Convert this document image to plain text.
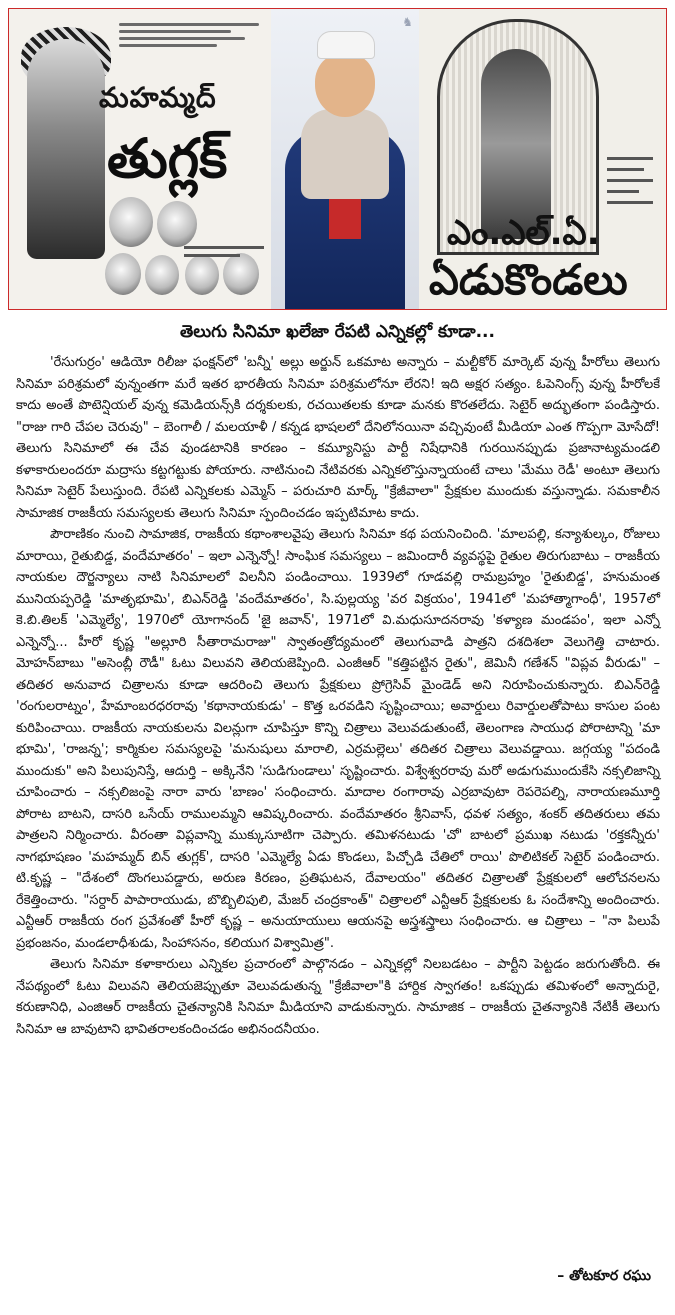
మహమ్మద్
తుగ్లక్
♞
ఎం.ఎల్.ఏ.
ఏడుకొండలు
తెలుగు సినిమా ఖలేజా రేపటి ఎన్నికల్లో కూడా...

'రేసుగుర్రం' ఆడియో రిలీజు ఫంక్షన్‌లో 'బన్నీ' అల్లు అర్జున్ ఒకమాట అన్నారు – మల్టీకోర్ మార్కెట్ వున్న హీరోలు తెలుగు సినిమా పరిశ్రమలో వున్నంతగా మరే ఇతర భారతీయ సినిమా పరిశ్రమలోనూ లేరని! ఇది అక్షర సత్యం. ఓపెనింగ్స్ వున్న హీరోలకే కాదు అంతే పొటెన్షియల్ వున్న కమెడియన్స్‌కి దర్శకులకు, రచయితలకు కూడా మనకు కొరతలేదు. సెటైర్ అద్భుతంగా పండిస్తారు. "రాజు గారి చేపల చెరువు" – బెంగాలీ / మలయాళీ / కన్నడ భాషలలో దేనిలోనయినా వచ్చివుంటే మీడియా ఎంత గొప్పగా మోసేదో! తెలుగు సినిమాలో ఈ చేవ వుండటానికి కారణం – కమ్యూనిస్టు పార్టీ నిషేధానికి గురయినప్పుడు ప్రజానాట్యమండలి కళాకారులందరూ మద్రాసు కట్టగట్టుకు పోయారు. నాటినుంచి నేటివరకు ఎన్నికలొస్తున్నాయంటే చాలు 'మేము రెడీ' అంటూ తెలుగు సినిమా సెటైర్ పేలుస్తుంది. రేపటి ఎన్నికలకు ఎమ్మెస్ – పరుచూరి మార్క్ "క్రేజీవాలా" ప్రేక్షకుల ముందుకు వస్తున్నాడు. సమకాలీన సామాజిక రాజకీయ సమస్యలకు తెలుగు సినిమా స్పందించడం ఇప్పటిమాట కాదు.

పౌరాణికం నుంచి సామాజిక, రాజకీయ కథాంశాలవైపు తెలుగు సినిమా కథ పయనించింది. 'మాలపల్లి, కన్యాశుల్కం, రోజులు మారాయి, రైతుబిడ్డ, వందేమాతరం' – ఇలా ఎన్నెన్నో! సాంఘిక సమస్యలు – జమిందారీ వ్యవస్థపై రైతుల తిరుగుబాటు – రాజకీయ నాయకుల దౌర్జన్యాలు నాటి సినిమాలలో విలనీని పండించాయి. 1939లో గూడవల్లి రామబ్రహ్మం 'రైతుబిడ్డ', హనుమంత మునియప్పరెడ్డి 'మాతృభూమి', బిఎన్‌రెడ్డి 'వందేమాతరం', సి.పుల్లయ్య 'వర విక్రయం', 1941లో 'మహాత్మాగాంధీ', 1957లో కె.బి.తిలక్ 'ఎమ్మెల్యే', 1970లో యోగానంద్ 'జై జవాన్', 1971లో వి.మధుసూదనరావు 'కళ్యాణ మండపం', ఇలా ఎన్నో ఎన్నెన్నో... హీరో కృష్ణ "అల్లూరి సీతారామరాజు" స్వాతంత్రోద్యమంలో తెలుగువాడి పాత్రని దశదిశలా వెలుగెత్తి చాటారు. మోహన్‌బాబు "అసెంబ్లీ రౌడీ" ఓటు విలువని తెలియజెప్పింది. ఎంజీఆర్ "కత్తిపట్టిన రైతు", జెమినీ గణేశన్ "విప్లవ వీరుడు" – తదితర అనువాద చిత్రాలను కూడా ఆదరించి తెలుగు ప్రేక్షకులు ప్రోగ్రెసివ్ మైండెడ్ అని నిరూపించుకున్నారు. బిఎన్‌రెడ్డి 'రంగులరాట్నం', హేమాంబరధరరావు 'కథానాయకుడు' – కొత్త ఒరవడిని సృష్టించాయి; అవార్డులు రివార్డులతోపాటు కాసుల పంట కురిపించాయి. రాజకీయ నాయకులను విలన్లుగా చూపిస్తూ కొన్ని చిత్రాలు వెలువడుతుంటే, తెలంగాణ సాయుధ పోరాటాన్ని 'మా భూమి', 'రాజన్న'; కార్మికుల సమస్యలపై 'మనుషులు మారాలి, ఎర్రమల్లెలు' తదితర చిత్రాలు వెలువడ్డాయి. జగ్గయ్య "పదండి ముందుకు" అని పిలుపునిస్తే, ఆదుర్తి – అక్కినేని 'సుడిగుండాలు' సృష్టించారు. విశ్వేశ్వరరావు మరో అడుగుముందుకేసి నక్సలిజాన్ని చూపించారు – నక్సలిజంపై నారా వారు 'బాణం' సంధించారు. మాదాల రంగారావు ఎర్రబావుటా రెపరెపల్ని, నారాయణమూర్తి పోరాట బాటని, దాసరి ఒసేయ్ రాములమ్మని ఆవిష్కరించారు. వందేమాతరం శ్రీనివాస్, ధవళ సత్యం, శంకర్ తదితరులు తమ పాత్రలని నిర్మించారు. వీరంతా విప్లవాన్ని ముక్కుసూటిగా చెప్పారు. తమిళనటుడు 'చో' బాటలో ప్రముఖ నటుడు 'రక్తకన్నీరు' నాగభూషణం 'మహమ్మద్ బిన్ తుగ్లక్', దాసరి 'ఎమ్మెల్యే ఏడు కొండలు, పిచ్చోడి చేతిలో రాయి' పొలిటికల్ సెటైర్ పండించారు. టి.కృష్ణ – "దేశంలో దొంగలుపడ్డారు, అరుణ కిరణం, ప్రతిఘటన, దేవాలయం" తదితర చిత్రాలతో ప్రేక్షకులలో ఆలోచనలను రేకెత్తించారు. "సర్దార్ పాపారాయుడు, బొబ్బిలిపులి, మేజర్ చంద్రకాంత్" చిత్రాలలో ఎన్టీఆర్ ప్రేక్షకులకు ఓ సందేశాన్ని అందించారు. ఎన్టీఆర్ రాజకీయ రంగ ప్రవేశంతో హీరో కృష్ణ – అనుయాయులు ఆయనపై అస్త్రశస్త్రాలు సంధించారు. ఆ చిత్రాలు – "నా పిలుపే ప్రభంజనం, మండలాధీశుడు, సింహాసనం, కలియుగ విశ్వామిత్ర".

తెలుగు సినిమా కళాకారులు ఎన్నికల ప్రచారంలో పాల్గొనడం – ఎన్నికల్లో నిలబడటం – పార్టీని పెట్టడం జరుగుతోంది. ఈ నేపథ్యంలో ఓటు విలువని తెలియజెప్పుతూ వెలువడుతున్న "క్రేజీవాలా"కి హార్దిక స్వాగతం! ఒకప్పుడు తమిళంలో అన్నాదురై, కరుణానిధి, ఎంజిఆర్ రాజకీయ చైతన్యానికి సినిమా మీడియాని వాడుకున్నారు. సామాజిక – రాజకీయ చైతన్యానికి నేటికీ తెలుగు సినిమా ఆ బావుటాని భావితరాలకందించడం అభినందనీయం.

– తోటకూర రఘు
